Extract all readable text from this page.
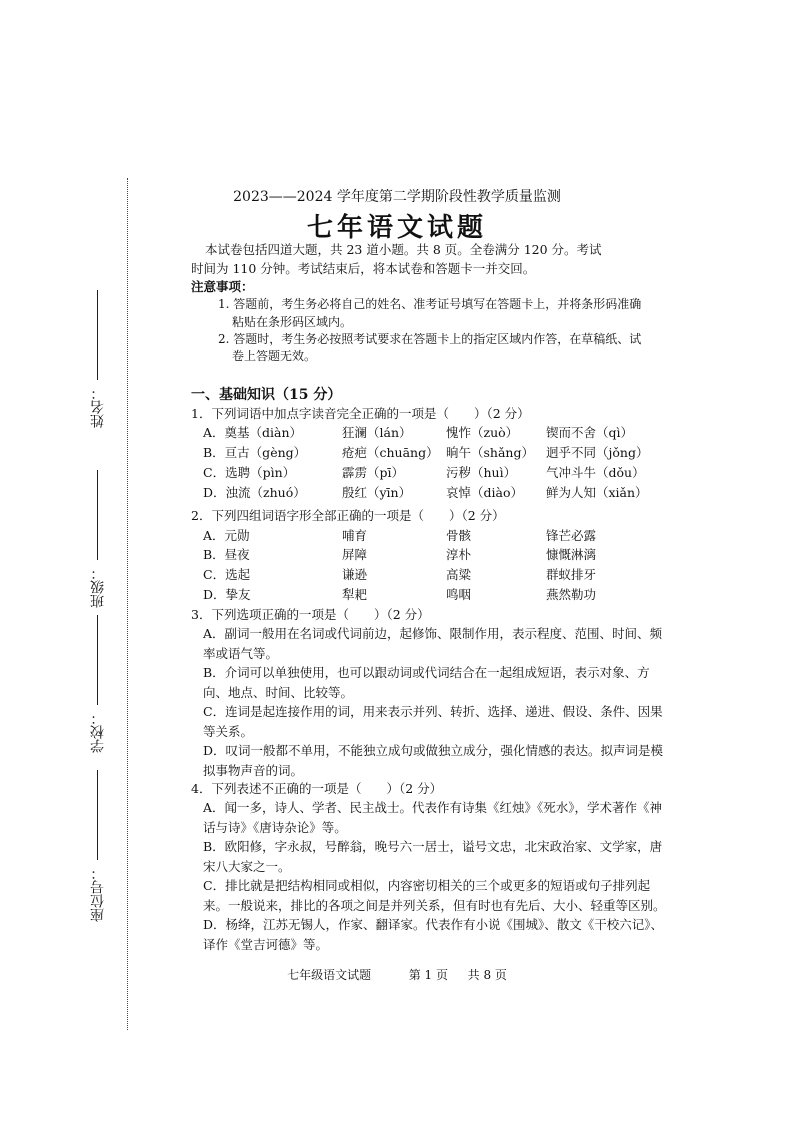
姓名：
班级：
学校：
座位号：
2023——2024 学年度第二学期阶段性教学质量监测
七年语文试题
本试卷包括四道大题，共 23 道小题。共 8 页。全卷满分 120 分。考试
时间为 110 分钟。考试结束后，将本试卷和答题卡一并交回。
注意事项：
1. 答题前，考生务必将自己的姓名、准考证号填写在答题卡上，并将条形码准确
粘贴在条形码区域内。
2. 答题时，考生务必按照考试要求在答题卡上的指定区域内作答，在草稿纸、试
卷上答题无效。
一、基础知识（15 分）
1．下列词语中加点字读音完全正确的一项是（　　）（2 分）
A．奠基（diàn）	狂澜（lán）	愧怍（zuò） 锲而不舍（qì）
B．亘古（gèng）	疮疤（chuāng） 晌午（shǎng） 迥乎不同（jǒng）
C．选聘（pìn）	霹雳（pī）	污秽（huì） 气冲斗牛（dǒu）
D．浊流（zhuó）	殷红（yīn）	哀悼（diào） 鲜为人知（xiǎn）
2．下列四组词语字形全部正确的一项是（　　）（2 分）
A．元勋	哺育	骨骸	锋芒必露
B．昼夜	屏障	淳朴	慷慨淋漓
C．选起	谦逊	高粱	群蚁排牙
D．挚友	犁耙	鸣咽	燕然勒功
3．下列选项正确的一项是（　　）（2 分）
A．副词一般用在名词或代词前边，起修饰、限制作用，表示程度、范围、时间、频率或语气等。
B．介词可以单独使用，也可以跟动词或代词结合在一起组成短语，表示对象、方向、地点、时间、比较等。
C．连词是起连接作用的词，用来表示并列、转折、选择、递进、假设、条件、因果等关系。
D．叹词一般都不单用，不能独立成句或做独立成分，强化情感的表达。拟声词是模拟事物声音的词。
4．下列表述不正确的一项是（　　）（2 分）
A．闻一多，诗人、学者、民主战士。代表作有诗集《红烛》《死水》，学术著作《神话与诗》《唐诗杂论》等。
B．欧阳修，字永叔，号醉翁，晚号六一居士，谥号文忠，北宋政治家、文学家，唐宋八大家之一。
C．排比就是把结构相同或相似，内容密切相关的三个或更多的短语或句子排列起来。一般说来，排比的各项之间是并列关系，但有时也有先后、大小、轻重等区别。
D．杨绛，江苏无锡人，作家、翻译家。代表作有小说《围城》、散文《干校六记》、译作《堂吉诃德》等。
七年级语文试题	第 1 页 共 8 页
